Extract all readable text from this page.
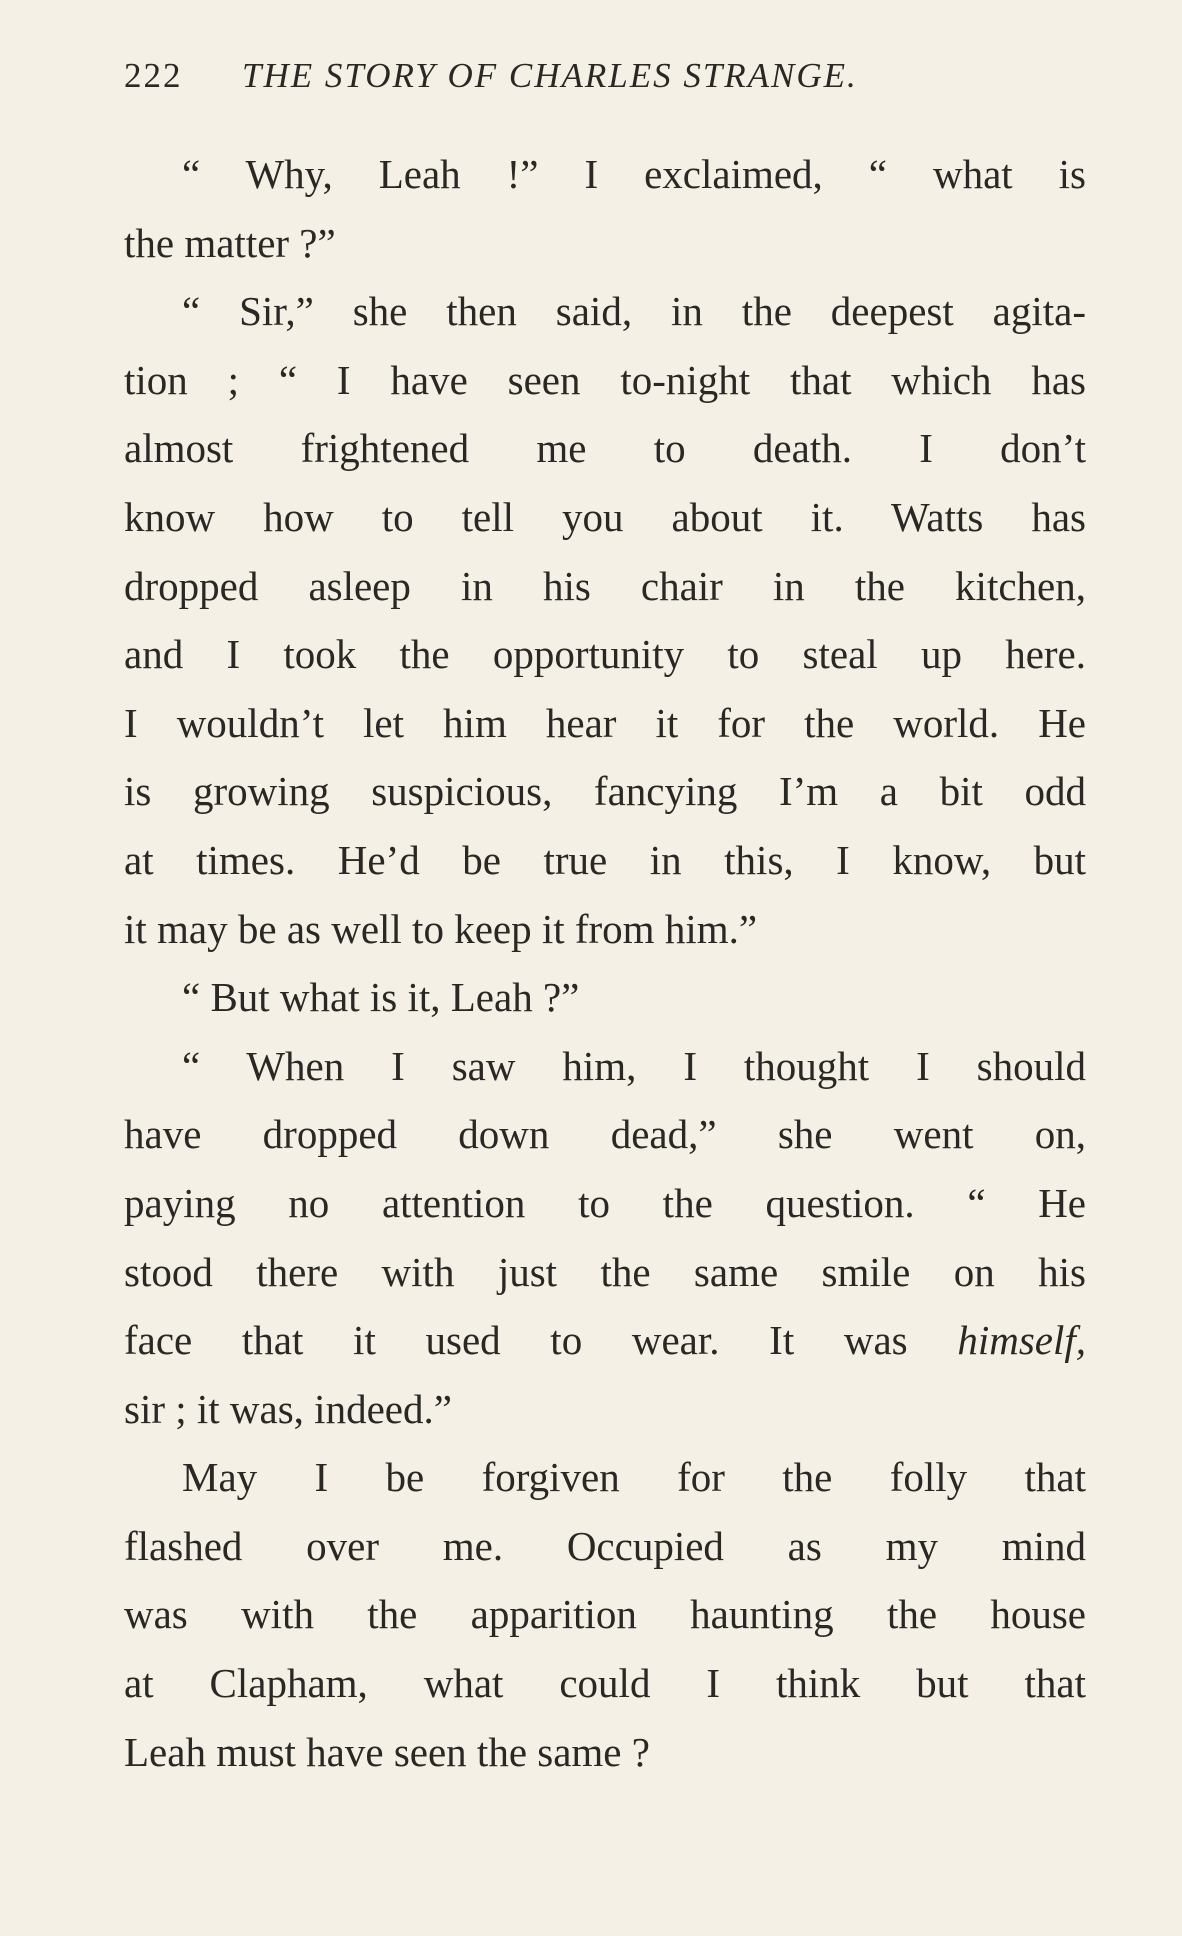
222 THE STORY OF CHARLES STRANGE.
“ Why, Leah !” I exclaimed, “ what is
the matter ?”
“ Sir,” she then said, in the deepest agita-
tion ; “ I have seen to-night that which has
almost frightened me to death. I don’t
know how to tell you about it. Watts has
dropped asleep in his chair in the kitchen,
and I took the opportunity to steal up here.
I wouldn’t let him hear it for the world. He
is growing suspicious, fancying I’m a bit odd
at times. He’d be true in this, I know, but
it may be as well to keep it from him.”
“ But what is it, Leah ?”
“ When I saw him, I thought I should
have dropped down dead,” she went on,
paying no attention to the question. “ He
stood there with just the same smile on his
face that it used to wear. It was himself,
sir ; it was, indeed.”
May I be forgiven for the folly that
flashed over me. Occupied as my mind
was with the apparition haunting the house
at Clapham, what could I think but that
Leah must have seen the same ?
